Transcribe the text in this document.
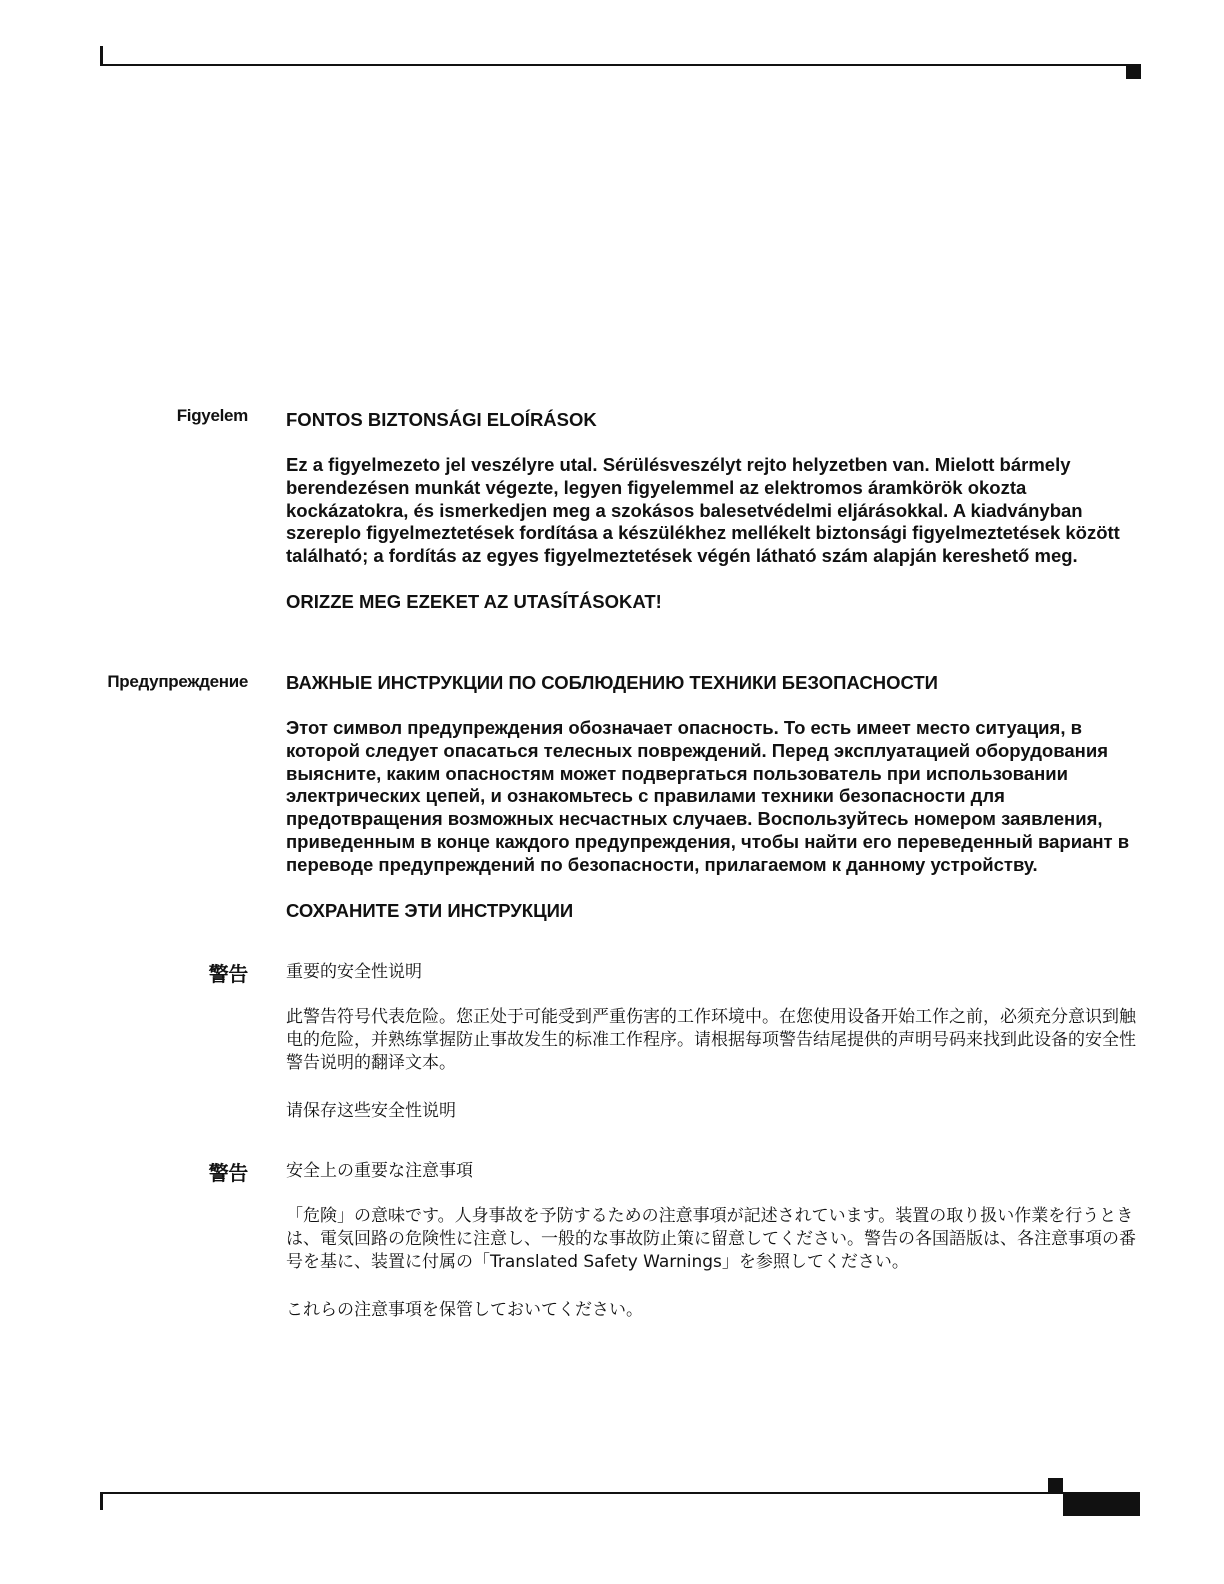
Figyelem FONTOS BIZTONSÁGI ELOÍRÁSOK

Ez a figyelmezeto jel veszélyre utal. Sérülésveszélyt rejto helyzetben van. Mielott bármely berendezésen munkát végezte, legyen figyelemmel az elektromos áramkörök okozta kockázatokra, és ismerkedjen meg a szokásos balesetvédelmi eljárásokkal. A kiadványban szereplo figyelmeztetések fordítása a készülékhez mellékelt biztonsági figyelmeztetések között található; a fordítás az egyes figyelmeztetések végén látható szám alapján kereshető meg.

ORIZZE MEG EZEKET AZ UTASÍTÁSOKAT!

Предупреждение ВАЖНЫЕ ИНСТРУКЦИИ ПО СОБЛЮДЕНИЮ ТЕХНИКИ БЕЗОПАСНОСТИ

Этот символ предупреждения обозначает опасность. То есть имеет место ситуация, в которой следует опасаться телесных повреждений. Перед эксплуатацией оборудования выясните, каким опасностям может подвергаться пользователь при использовании электрических цепей, и ознакомьтесь с правилами техники безопасности для предотвращения возможных несчастных случаев. Воспользуйтесь номером заявления, приведенным в конце каждого предупреждения, чтобы найти его переведенный вариант в переводе предупреждений по безопасности, прилагаемом к данному устройству.

СОХРАНИТЕ ЭТИ ИНСТРУКЦИИ

警告 重要的安全性说明

此警告符号代表危险。您正处于可能受到严重伤害的工作环境中。在您使用设备开始工作之前，必须充分意识到触电的危险，并熟练掌握防止事故发生的标准工作程序。请根据每项警告结尾提供的声明号码来找到此设备的安全性警告说明的翻译文本。

请保存这些安全性说明

警告 安全上の重要な注意事項

「危険」の意味です。人身事故を予防するための注意事項が記述されています。装置の取り扱い作業を行うときは、電気回路の危険性に注意し、一般的な事故防止策に留意してください。警告の各国語版は、各注意事項の番号を基に、装置に付属の「Translated Safety Warnings」を参照してください。

これらの注意事項を保管しておいてください。
